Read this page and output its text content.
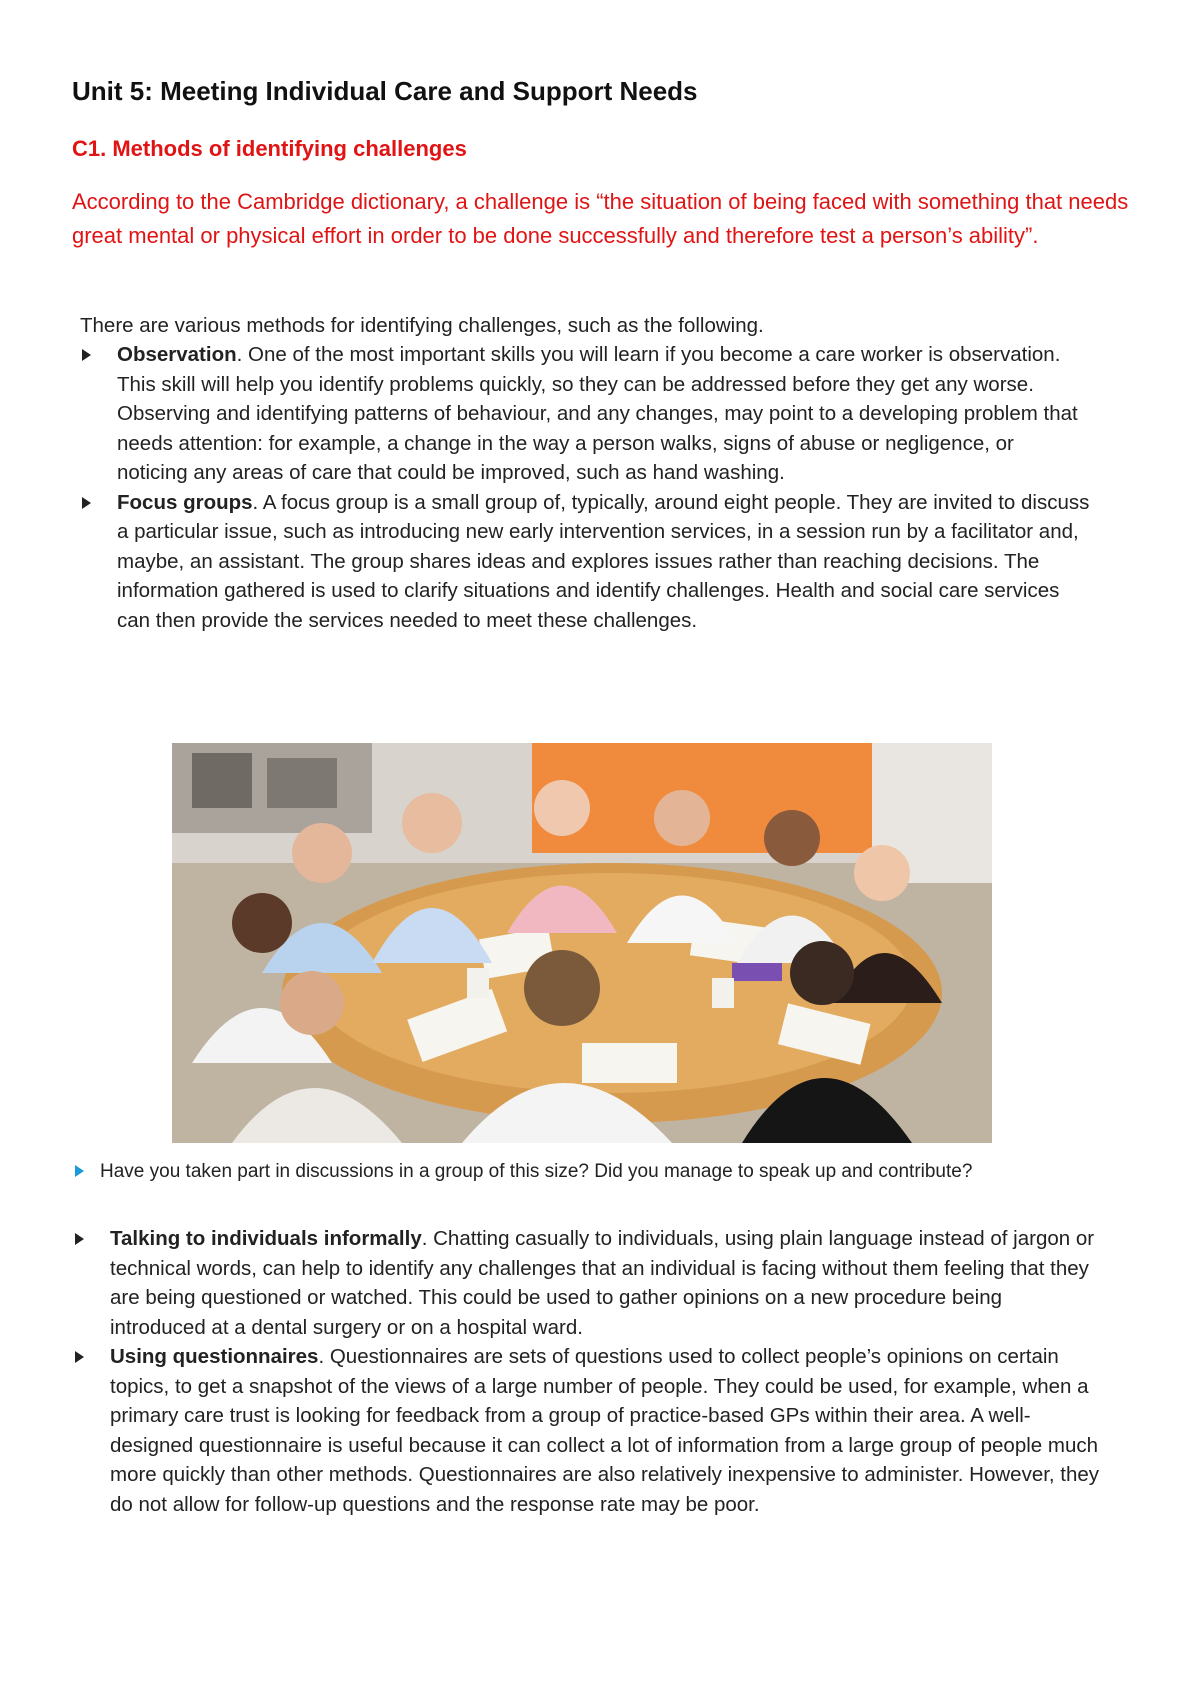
Unit 5: Meeting Individual Care and Support Needs
C1. Methods of identifying challenges

According to the Cambridge dictionary, a challenge is “the situation of being faced with something that needs great mental or physical effort in order to be done successfully and therefore test a person’s ability”.

There are various methods for identifying challenges, such as the following.
Observation. One of the most important skills you will learn if you become a care worker is observation. This skill will help you identify problems quickly, so they can be addressed before they get any worse. Observing and identifying patterns of behaviour, and any changes, may point to a developing problem that needs attention: for example, a change in the way a person walks, signs of abuse or negligence, or noticing any areas of care that could be improved, such as hand washing.
Focus groups. A focus group is a small group of, typically, around eight people. They are invited to discuss a particular issue, such as introducing new early intervention services, in a session run by a facilitator and, maybe, an assistant. The group shares ideas and explores issues rather than reaching decisions. The information gathered is used to clarify situations and identify challenges. Health and social care services can then provide the services needed to meet these challenges.
Have you taken part in discussions in a group of this size? Did you manage to speak up and contribute?
Talking to individuals informally. Chatting casually to individuals, using plain language instead of jargon or technical words, can help to identify any challenges that an individual is facing without them feeling that they are being questioned or watched. This could be used to gather opinions on a new procedure being introduced at a dental surgery or on a hospital ward.
Using questionnaires. Questionnaires are sets of questions used to collect people’s opinions on certain topics, to get a snapshot of the views of a large number of people. They could be used, for example, when a primary care trust is looking for feedback from a group of practice-based GPs within their area. A well-designed questionnaire is useful because it can collect a lot of information from a large group of people much more quickly than other methods. Questionnaires are also relatively inexpensive to administer. However, they do not allow for follow-up questions and the response rate may be poor.
